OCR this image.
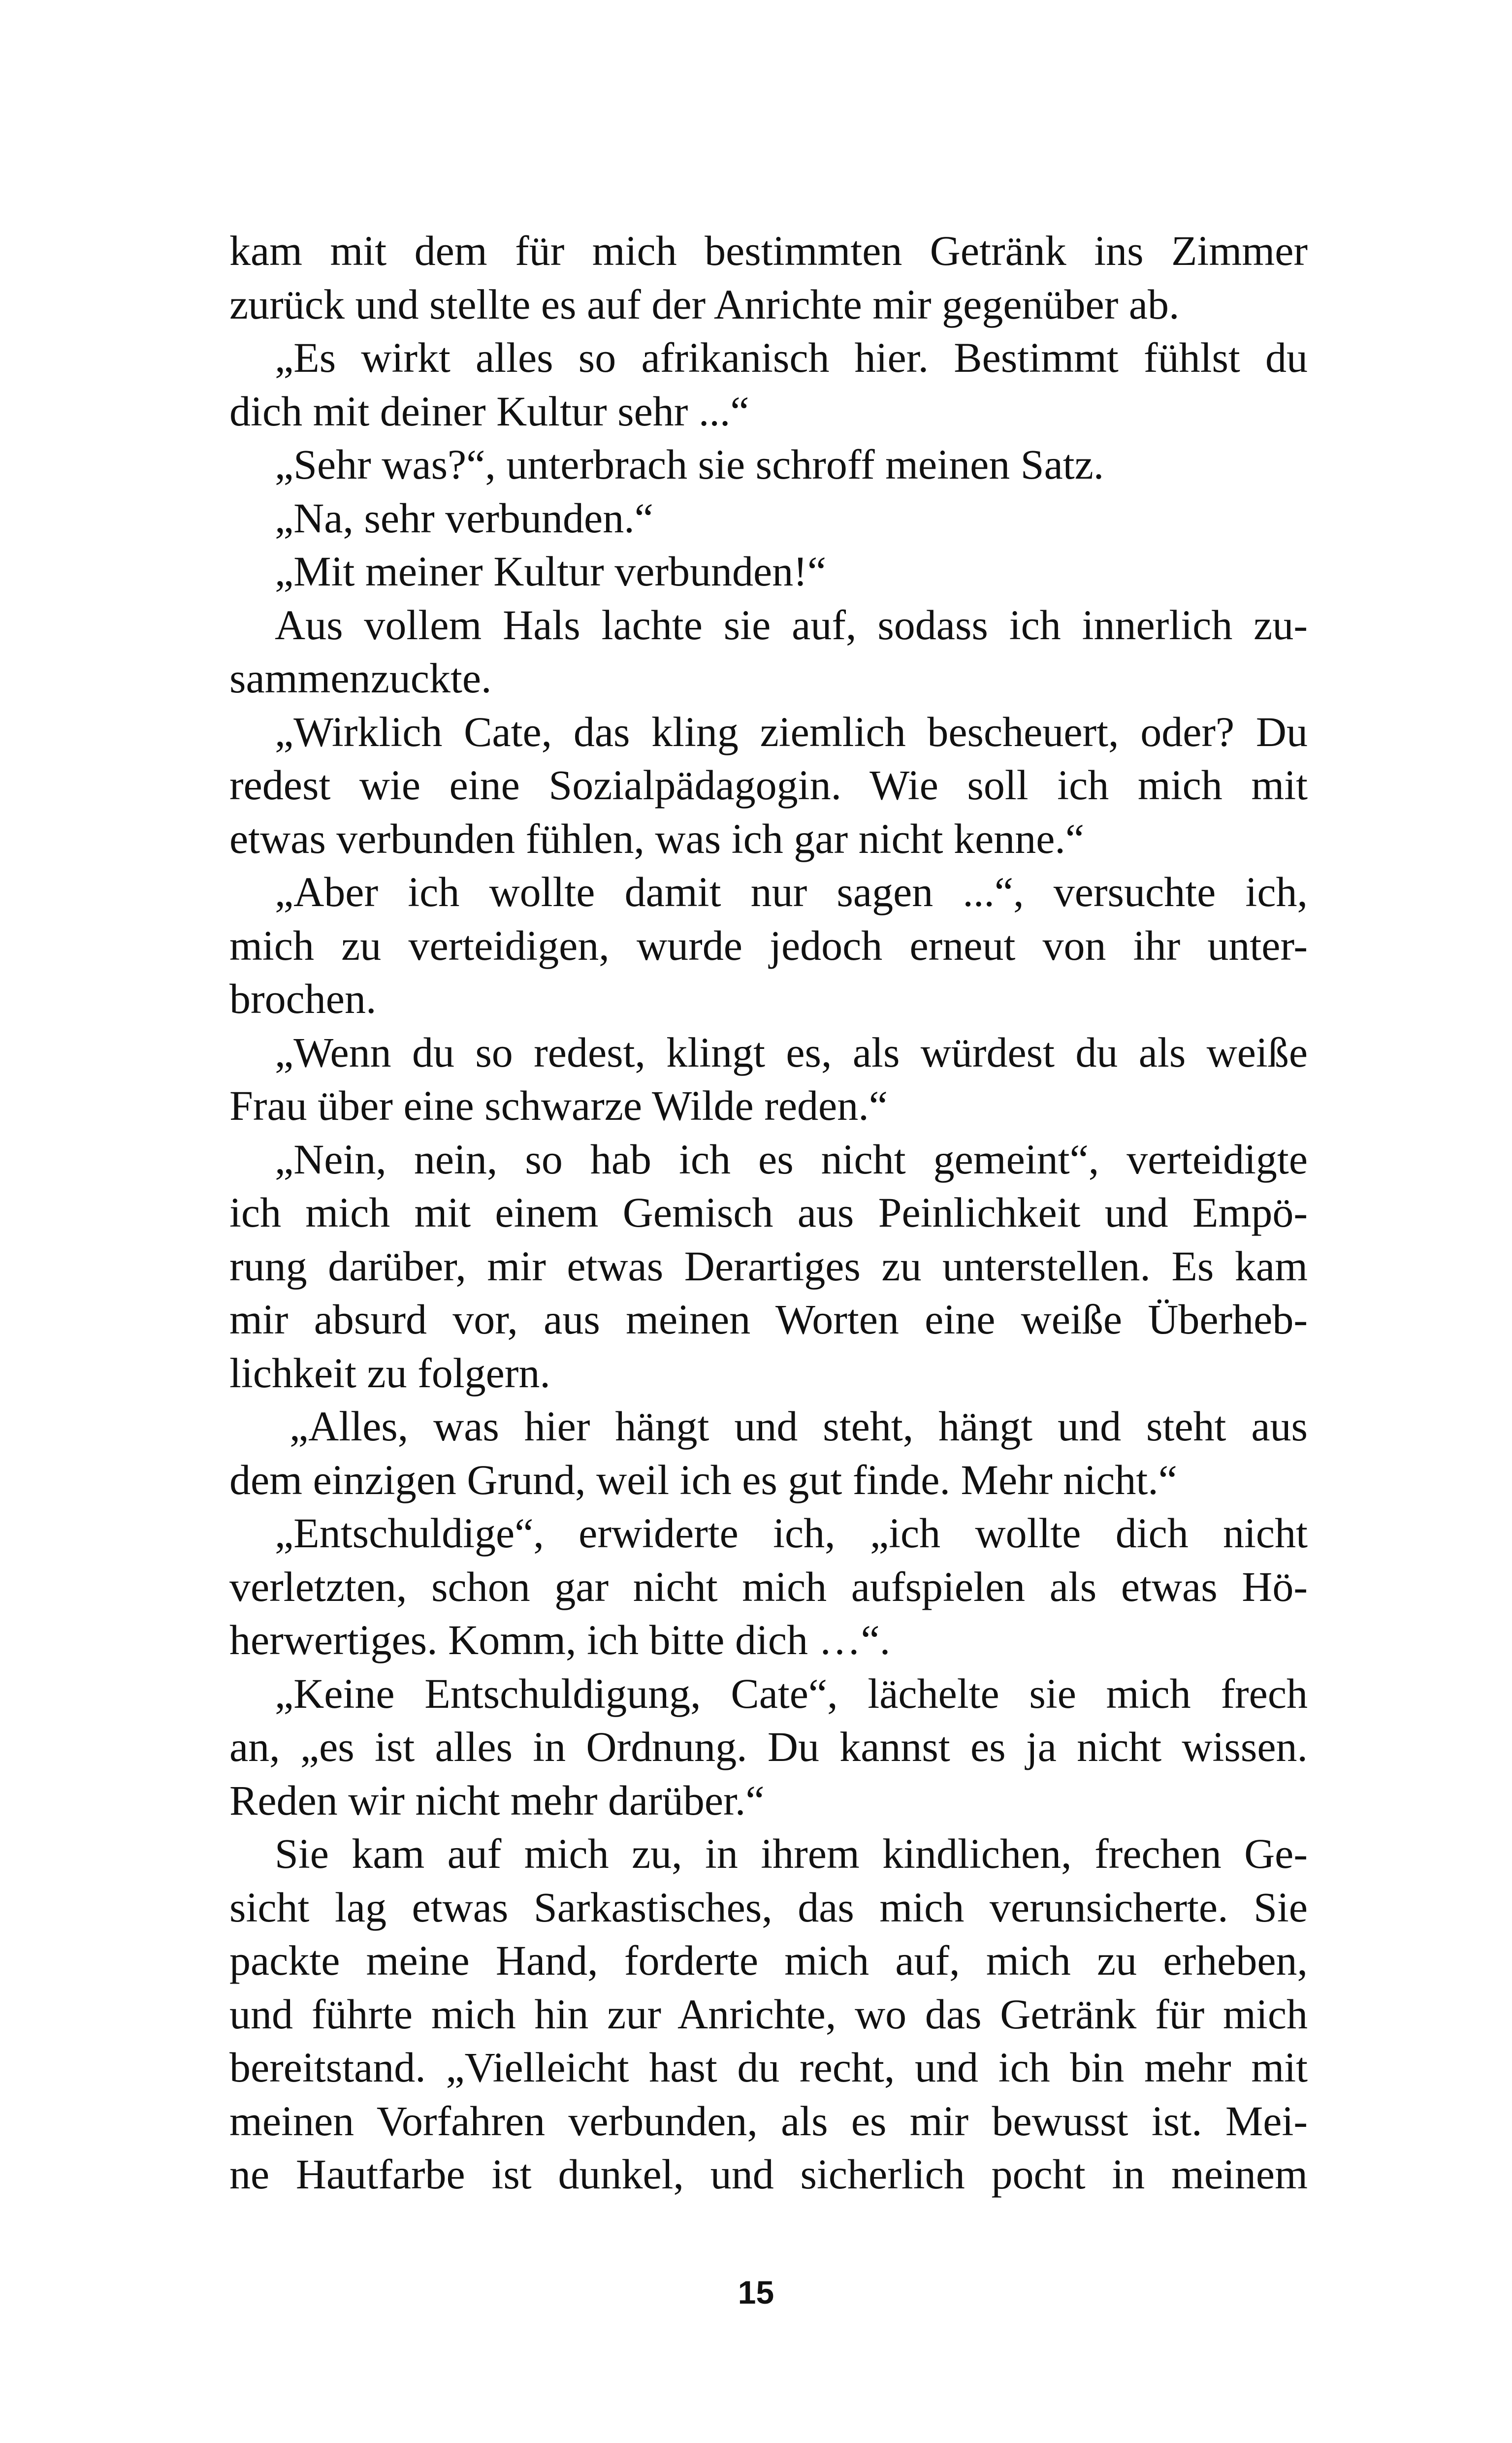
kam mit dem für mich bestimmten Getränk ins Zimmer
zurück und stellte es auf der Anrichte mir gegenüber ab.
„Es wirkt alles so afrikanisch hier. Bestimmt fühlst du
dich mit deiner Kultur sehr ...“
„Sehr was?“, unterbrach sie schroff meinen Satz.
„Na, sehr verbunden.“
„Mit meiner Kultur verbunden!“
Aus vollem Hals lachte sie auf, sodass ich innerlich zu-
sammenzuckte.
„Wirklich Cate, das kling ziemlich bescheuert, oder? Du
redest wie eine Sozialpädagogin. Wie soll ich mich mit
etwas verbunden fühlen, was ich gar nicht kenne.“
„Aber ich wollte damit nur sagen ...“, versuchte ich,
mich zu verteidigen, wurde jedoch erneut von ihr unter-
brochen.
„Wenn du so redest, klingt es, als würdest du als weiße
Frau über eine schwarze Wilde reden.“
„Nein, nein, so hab ich es nicht gemeint“, verteidigte
ich mich mit einem Gemisch aus Peinlichkeit und Empö-
rung darüber, mir etwas Derartiges zu unterstellen. Es kam
mir absurd vor, aus meinen Worten eine weiße Überheb-
lichkeit zu folgern.
„Alles, was hier hängt und steht, hängt und steht aus
dem einzigen Grund, weil ich es gut finde. Mehr nicht.“
„Entschuldige“, erwiderte ich, „ich wollte dich nicht
verletzten, schon gar nicht mich aufspielen als etwas Hö-
herwertiges. Komm, ich bitte dich …“.
„Keine Entschuldigung, Cate“, lächelte sie mich frech
an, „es ist alles in Ordnung. Du kannst es ja nicht wissen.
Reden wir nicht mehr darüber.“
Sie kam auf mich zu, in ihrem kindlichen, frechen Ge-
sicht lag etwas Sarkastisches, das mich verunsicherte. Sie
packte meine Hand, forderte mich auf, mich zu erheben,
und führte mich hin zur Anrichte, wo das Getränk für mich
bereitstand. „Vielleicht hast du recht, und ich bin mehr mit
meinen Vorfahren verbunden, als es mir bewusst ist. Mei-
ne Hautfarbe ist dunkel, und sicherlich pocht in meinem
15
